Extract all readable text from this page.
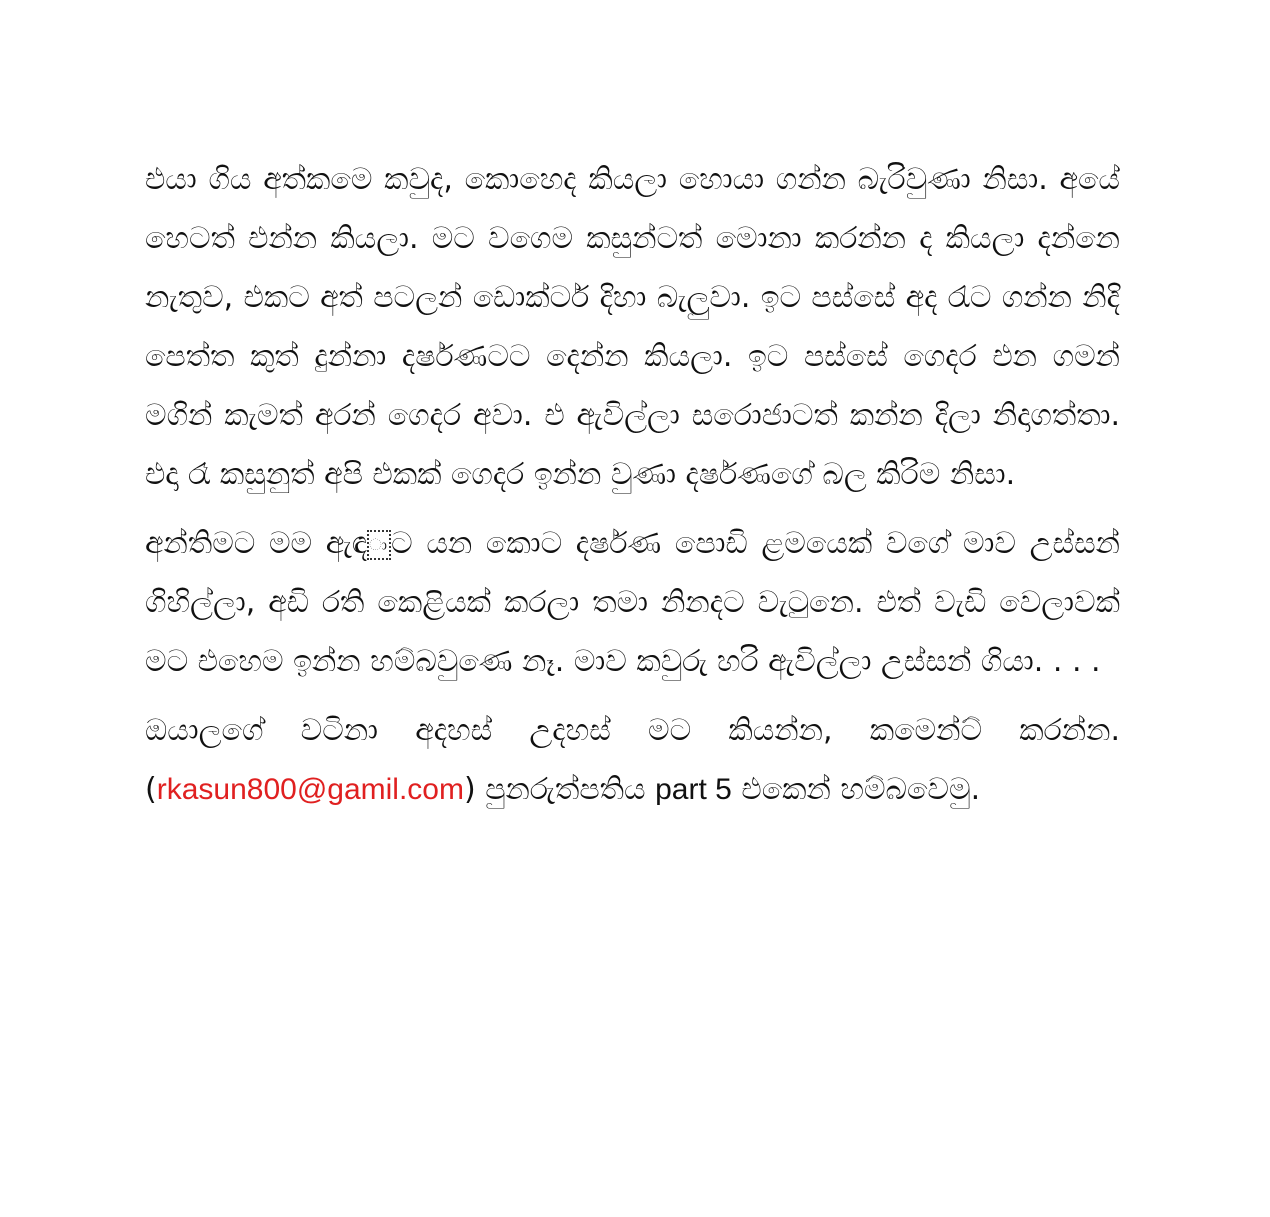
එයා ගිය අත්කමෙ කවුද, කොහෙද කියලා හොයා ගන්න බැරිවුණා නිසා. අයේ හෙටත් එන්න කියලා. මට වගෙම කසුන්ටත් මොනා කරන්න ද කියලා දන්නෙ නැතුව, එකට අත් පටලන් ඩොක්ටර් දිහා බැලුවා. ඉට පස්සේ අද රැට ගන්න නිදි පෙත්ත කුත් දුන්නා දර්ෂණටට දෙන්න කියලා. ඉට පස්සේ ගෙදර එන ගමන් මගින් කැමත් අරන් ගෙදර අවා. එ ඇවිල්ලා සරොජාටත් කන්න දිලා නිදාගත්තා. එදා රෑ කසුනුත් අපි එකක් ගෙදර ඉන්න වුණා දර්ෂණගේ බල කිරිම නිසා.

අන්තිමට මම ඇඳ ා ට යන කොට දර්ෂණ පොඩි ළමයෙක් වගේ මාව උස්සන් ගිහිල්ලා, අඩි රති කෙළියක් කරලා තමා නිනදට වැටුනෙ. එත් වැඩි වෙලාවක් මට එහෙම ඉන්න හම්බවුණෙ නෑ. මාව කවුරු හරි ඇවිල්ලා උස්සන් ගියා. . . .

ඔයාලගේ වටිනා අදහස් උදහස් මට කියන්න, කමෙන්ට් කරන්න. (rkasun800@gamil.com) පුනරුත්පතිය part 5 එකෙන් හම්බවෙමු.
